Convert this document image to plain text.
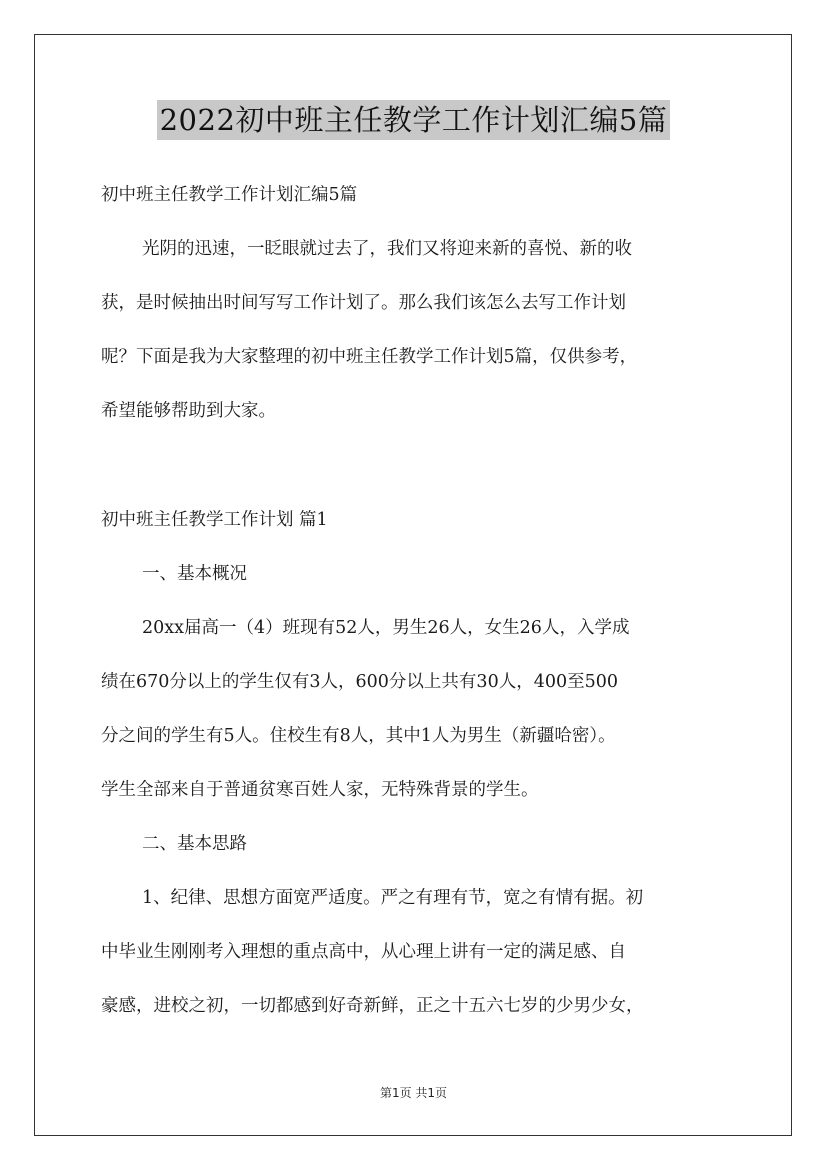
2022初中班主任教学工作计划汇编5篇
初中班主任教学工作计划汇编5篇
光阴的迅速，一眨眼就过去了，我们又将迎来新的喜悦、新的收
获，是时候抽出时间写写工作计划了。那么我们该怎么去写工作计划
呢？下面是我为大家整理的初中班主任教学工作计划5篇，仅供参考，
希望能够帮助到大家。
初中班主任教学工作计划 篇1
一、基本概况
20xx届高一（4）班现有52人，男生26人，女生26人，入学成
绩在670分以上的学生仅有3人，600分以上共有30人，400至500
分之间的学生有5人。住校生有8人，其中1人为男生（新疆哈密）。
学生全部来自于普通贫寒百姓人家，无特殊背景的学生。
二、基本思路
1、纪律、思想方面宽严适度。严之有理有节，宽之有情有据。初
中毕业生刚刚考入理想的重点高中，从心理上讲有一定的满足感、自
豪感，进校之初，一切都感到好奇新鲜，正之十五六七岁的少男少女，
第1页 共1页
